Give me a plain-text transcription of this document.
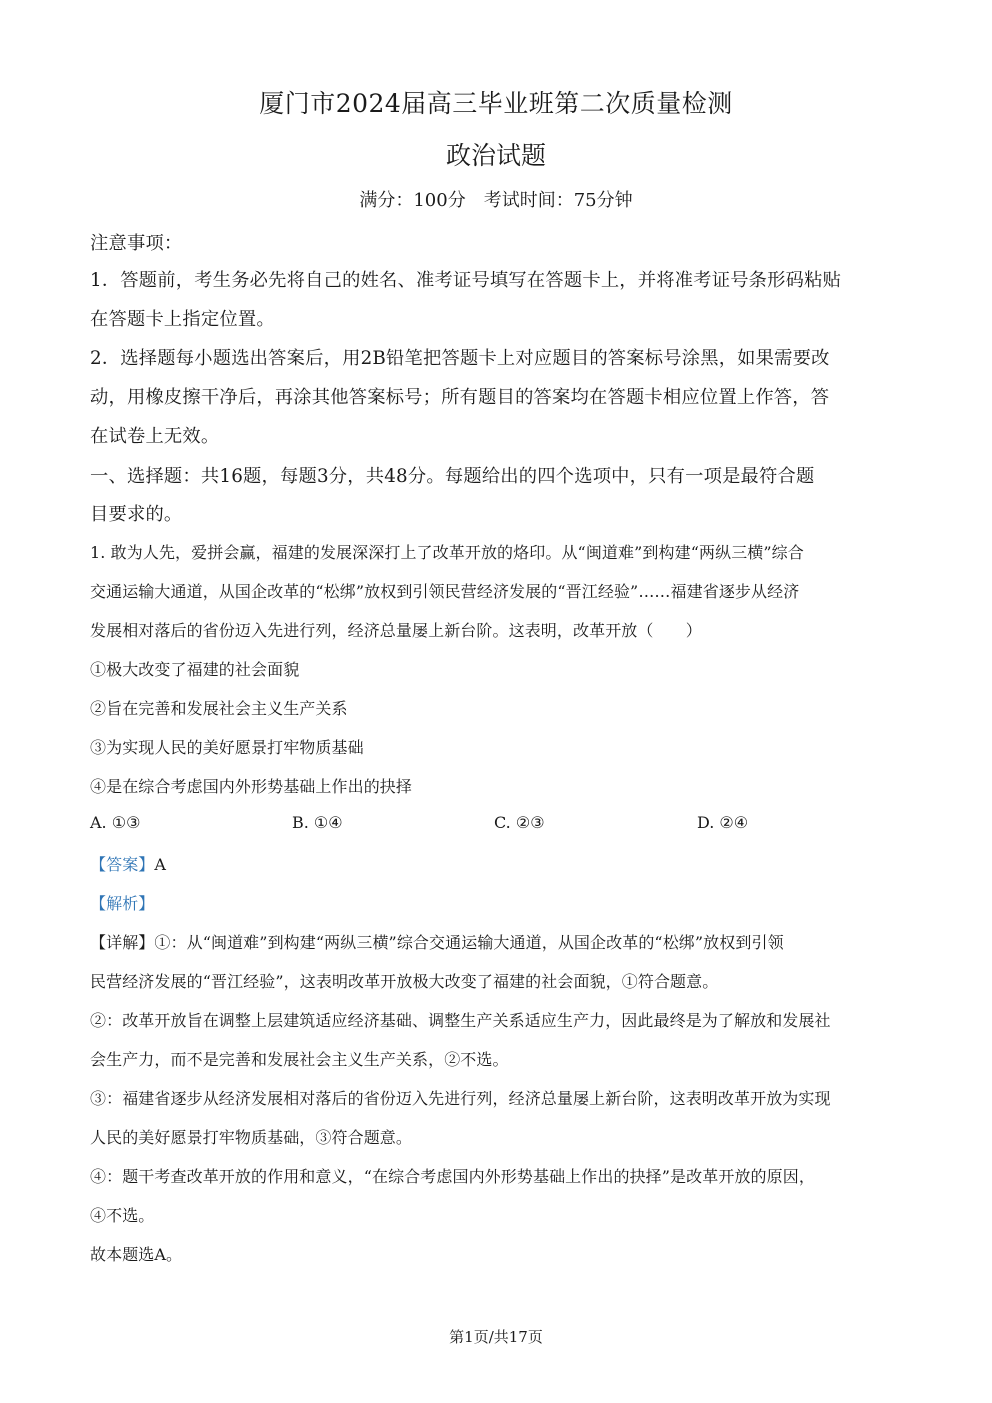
厦门市2024届高三毕业班第二次质量检测
政治试题
满分：100分　考试时间：75分钟

注意事项：

1．答题前，考生务必先将自己的姓名、准考证号填写在答题卡上，并将准考证号条形码粘贴

在答题卡上指定位置。

2．选择题每小题选出答案后，用2B铅笔把答题卡上对应题目的答案标号涂黑，如果需要改

动，用橡皮擦干净后，再涂其他答案标号；所有题目的答案均在答题卡相应位置上作答，答

在试卷上无效。

一、选择题：共16题，每题3分，共48分。每题给出的四个选项中，只有一项是最符合题

目要求的。

1. 敢为人先，爱拼会赢，福建的发展深深打上了改革开放的烙印。从“闽道难”到构建“两纵三横”综合

交通运输大通道，从国企改革的“松绑”放权到引领民营经济发展的“晋江经验”……福建省逐步从经济

发展相对落后的省份迈入先进行列，经济总量屡上新台阶。这表明，改革开放（　　）

①极大改变了福建的社会面貌

②旨在完善和发展社会主义生产关系

③为实现人民的美好愿景打牢物质基础

④是在综合考虑国内外形势基础上作出的抉择

A. ①③	B. ①④	C. ②③	D. ②④

【答案】A

【解析】

【详解】①：从“闽道难”到构建“两纵三横”综合交通运输大通道，从国企改革的“松绑”放权到引领

民营经济发展的“晋江经验”，这表明改革开放极大改变了福建的社会面貌，①符合题意。

②：改革开放旨在调整上层建筑适应经济基础、调整生产关系适应生产力，因此最终是为了解放和发展社

会生产力，而不是完善和发展社会主义生产关系，②不选。

③：福建省逐步从经济发展相对落后的省份迈入先进行列，经济总量屡上新台阶，这表明改革开放为实现

人民的美好愿景打牢物质基础，③符合题意。

④：题干考查改革开放的作用和意义，“在综合考虑国内外形势基础上作出的抉择”是改革开放的原因，

④不选。

故本题选A。

第1页/共17页
